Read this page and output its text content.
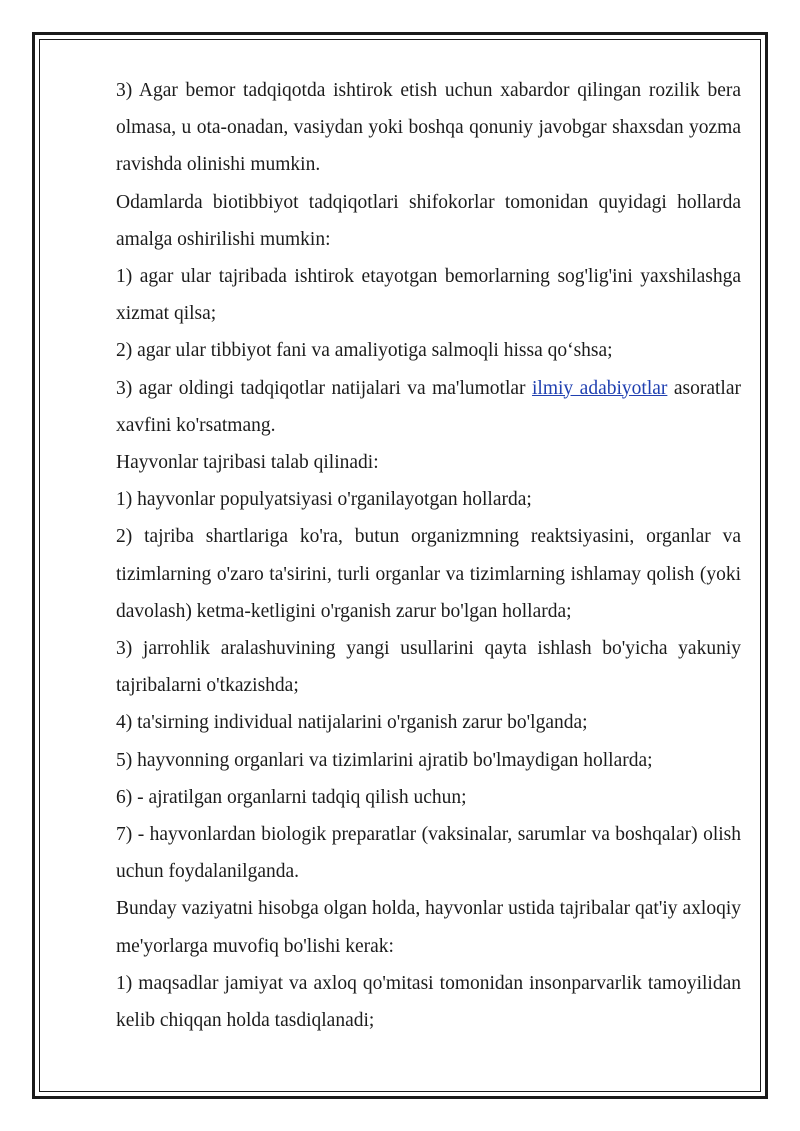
3) Agar bemor tadqiqotda ishtirok etish uchun xabardor qilingan rozilik bera olmasa, u ota-onadan, vasiydan yoki boshqa qonuniy javobgar shaxsdan yozma ravishda olinishi mumkin.

Odamlarda biotibbiyot tadqiqotlari shifokorlar tomonidan quyidagi hollarda amalga oshirilishi mumkin:

1) agar ular tajribada ishtirok etayotgan bemorlarning sog'lig'ini yaxshilashga xizmat qilsa;

2) agar ular tibbiyot fani va amaliyotiga salmoqli hissa qo‘shsa;

3) agar oldingi tadqiqotlar natijalari va ma'lumotlar ilmiy adabiyotlar asoratlar xavfini ko'rsatmang.

Hayvonlar tajribasi talab qilinadi:

1) hayvonlar populyatsiyasi o'rganilayotgan hollarda;

2) tajriba shartlariga ko'ra, butun organizmning reaktsiyasini, organlar va tizimlarning o'zaro ta'sirini, turli organlar va tizimlarning ishlamay qolish (yoki davolash) ketma-ketligini o'rganish zarur bo'lgan hollarda;

3) jarrohlik aralashuvining yangi usullarini qayta ishlash bo'yicha yakuniy tajribalarni o'tkazishda;

4) ta'sirning individual natijalarini o'rganish zarur bo'lganda;

5) hayvonning organlari va tizimlarini ajratib bo'lmaydigan hollarda;

6) - ajratilgan organlarni tadqiq qilish uchun;

7) - hayvonlardan biologik preparatlar (vaksinalar, sarumlar va boshqalar) olish uchun foydalanilganda.

Bunday vaziyatni hisobga olgan holda, hayvonlar ustida tajribalar qat'iy axloqiy me'yorlarga muvofiq bo'lishi kerak:

1) maqsadlar jamiyat va axloq qo'mitasi tomonidan insonparvarlik tamoyilidan kelib chiqqan holda tasdiqlanadi;
